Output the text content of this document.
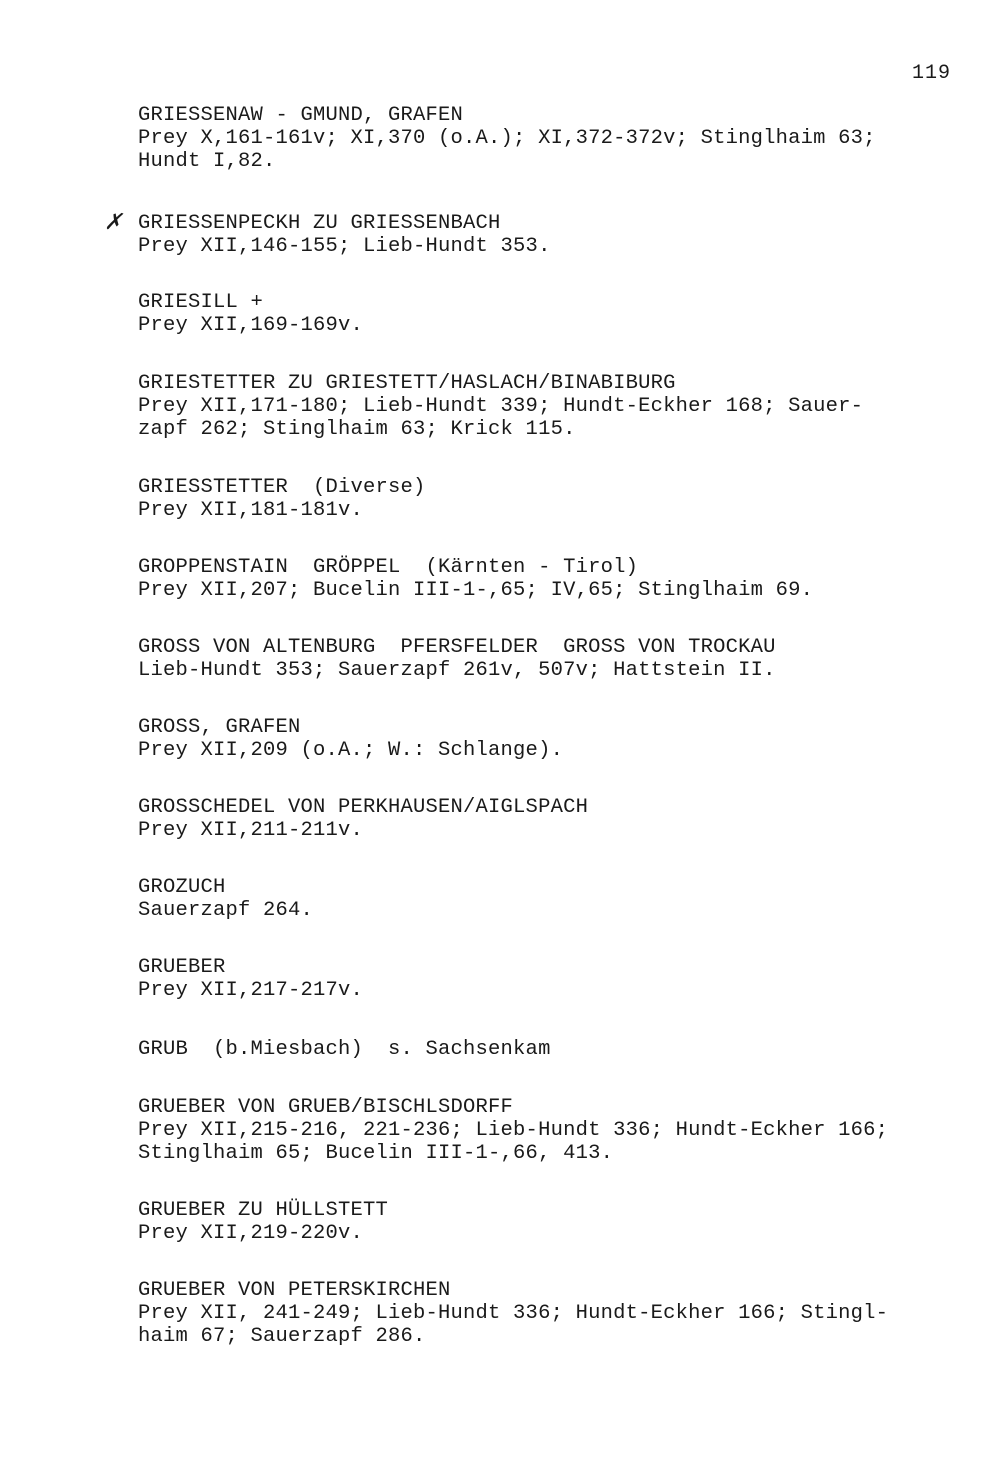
119
GRIESSENAW - GMUND, GRAFEN
Prey X,161-161v; XI,370 (o.A.); XI,372-372v; Stinglhaim 63;
Hundt I,82.
✗ GRIESSENPECKH ZU GRIESSENBACH
Prey XII,146-155; Lieb-Hundt 353.
GRIESILL +
Prey XII,169-169v.
GRIESTETTER ZU GRIESTETT/HASLACH/BINABIBURG
Prey XII,171-180; Lieb-Hundt 339; Hundt-Eckher 168; Sauer-
zapf 262; Stinglhaim 63; Krick 115.
GRIESSTETTER  (Diverse)
Prey XII,181-181v.
GROPPENSTAIN  GRÖPPEL  (Kärnten - Tirol)
Prey XII,207; Bucelin III-1-,65; IV,65; Stinglhaim 69.
GROSS VON ALTENBURG  PFERSFELDER  GROSS VON TROCKAU
Lieb-Hundt 353; Sauerzapf 261v, 507v; Hattstein II.
GROSS, GRAFEN
Prey XII,209 (o.A.; W.: Schlange).
GROSSCHEDEL VON PERKHAUSEN/AIGLSPACH
Prey XII,211-211v.
GROZUCH
Sauerzapf 264.
GRUEBER
Prey XII,217-217v.
GRUB  (b.Miesbach)  s. Sachsenkam
GRUEBER VON GRUEB/BISCHLSDORFF
Prey XII,215-216, 221-236; Lieb-Hundt 336; Hundt-Eckher 166;
Stinglhaim 65; Bucelin III-1-,66, 413.
GRUEBER ZU HÜLLSTETT
Prey XII,219-220v.
GRUEBER VON PETERSKIRCHEN
Prey XII, 241-249; Lieb-Hundt 336; Hundt-Eckher 166; Stingl-
haim 67; Sauerzapf 286.
